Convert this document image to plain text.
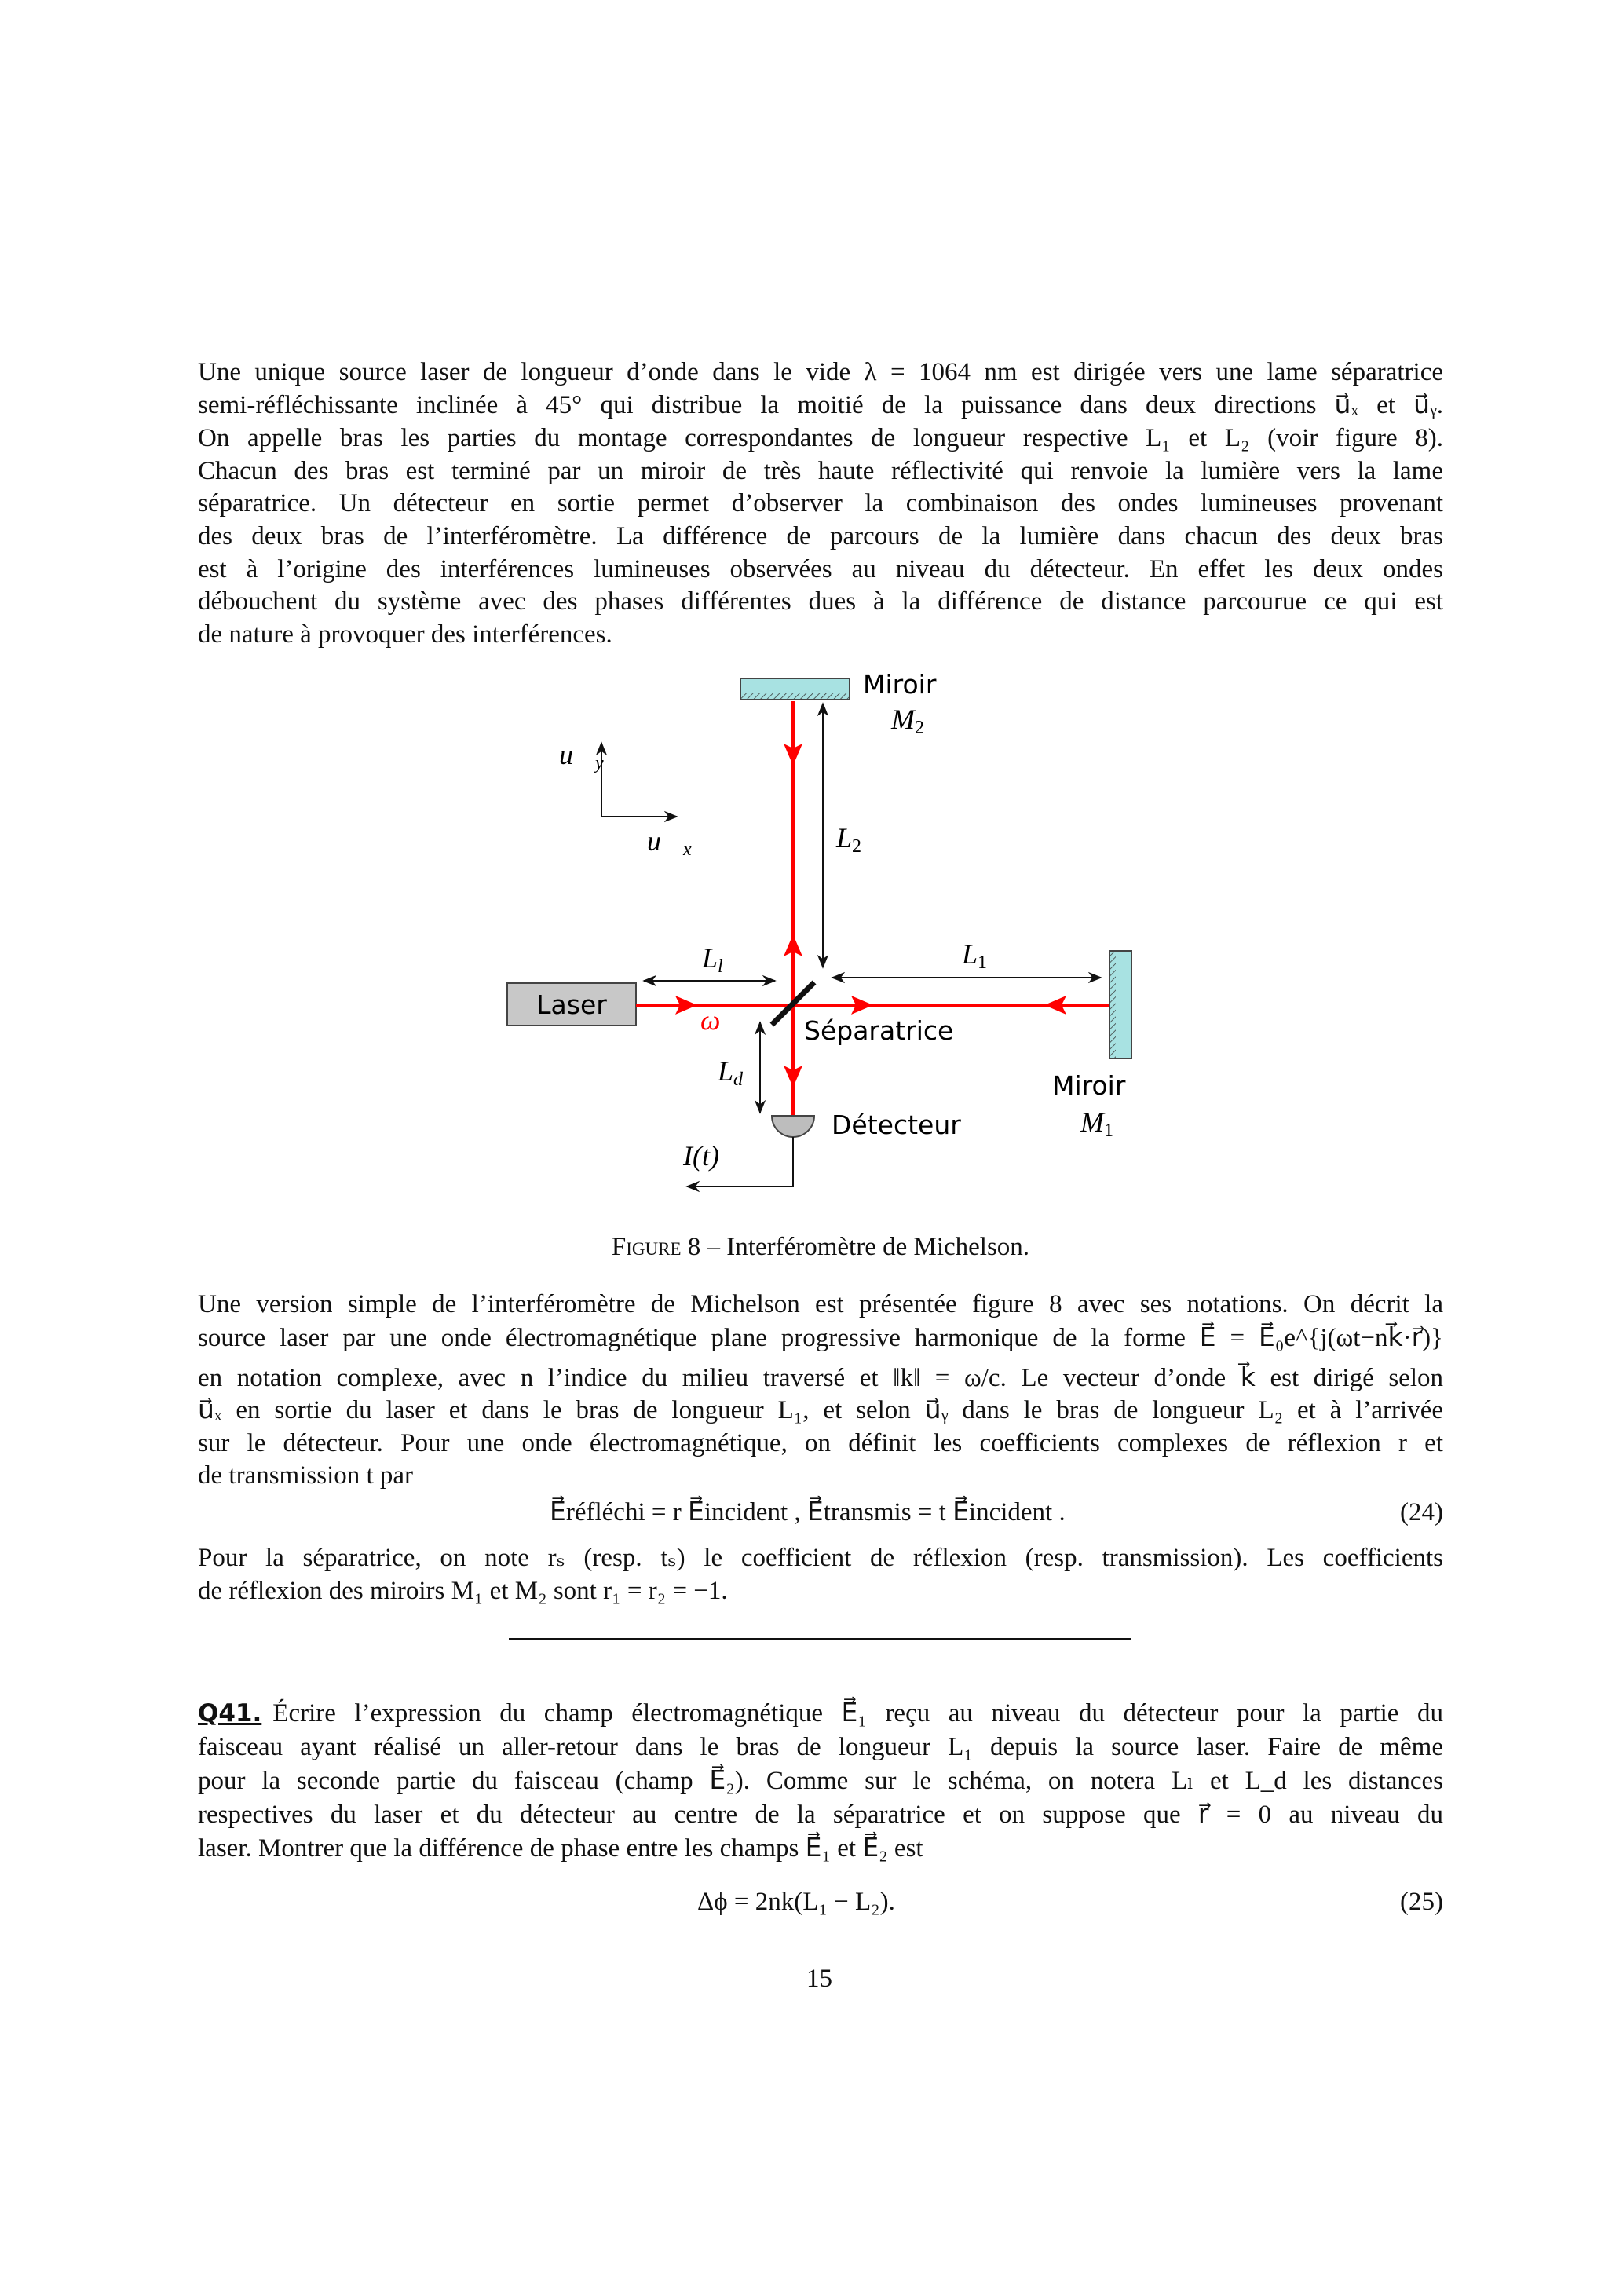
Une unique source laser de longueur d’onde dans le vide λ = 1064 nm est dirigée vers une lame séparatrice
semi-réfléchissante inclinée à 45° qui distribue la moitié de la puissance dans deux directions u⃗ₓ et u⃗ᵧ.
On appelle bras les parties du montage correspondantes de longueur respective L₁ et L₂ (voir figure 8).
Chacun des bras est terminé par un miroir de très haute réflectivité qui renvoie la lumière vers la lame
séparatrice. Un détecteur en sortie permet d’observer la combinaison des ondes lumineuses provenant
des deux bras de l’interféromètre. La différence de parcours de la lumière dans chacun des deux bras
est à l’origine des interférences lumineuses observées au niveau du détecteur. En effet les deux ondes
débouchent du système avec des phases différentes dues à la différence de distance parcourue ce qui est
de nature à provoquer des interférences.
Miroir
M2
Miroir
M1
u⃗y
u⃗x	L2
L1
Ll
Ld
Laser	ω	Séparatrice
Détecteur
I(t)
Figure 8 – Interféromètre de Michelson.
Une version simple de l’interféromètre de Michelson est présentée figure 8 avec ses notations. On décrit la
source laser par une onde électromagnétique plane progressive harmonique de la forme E⃗ = E⃗₀e^{j(ωt−nk⃗·r⃗)}
en notation complexe, avec n l’indice du milieu traversé et ‖k‖ = ω/c. Le vecteur d’onde k⃗ est dirigé selon
u⃗ₓ en sortie du laser et dans le bras de longueur L₁, et selon u⃗ᵧ dans le bras de longueur L₂ et à l’arrivée
sur le détecteur. Pour une onde électromagnétique, on définit les coefficients complexes de réflexion r et
de transmission t par
E⃗réfléchi = r E⃗incident , E⃗transmis = t E⃗incident .	(24)
Pour la séparatrice, on note rₛ (resp. tₛ) le coefficient de réflexion (resp. transmission). Les coefficients
de réflexion des miroirs M₁ et M₂ sont r₁ = r₂ = −1.
Q41. Écrire l’expression du champ électromagnétique E⃗₁ reçu au niveau du détecteur pour la partie du
faisceau ayant réalisé un aller-retour dans le bras de longueur L₁ depuis la source laser. Faire de même
pour la seconde partie du faisceau (champ E⃗₂). Comme sur le schéma, on notera Lₗ et L_d les distances
respectives du laser et du détecteur au centre de la séparatrice et on suppose que r⃗ = 0 au niveau du
laser. Montrer que la différence de phase entre les champs E⃗₁ et E⃗₂ est
Δϕ = 2nk(L₁ − L₂).	(25)
15
